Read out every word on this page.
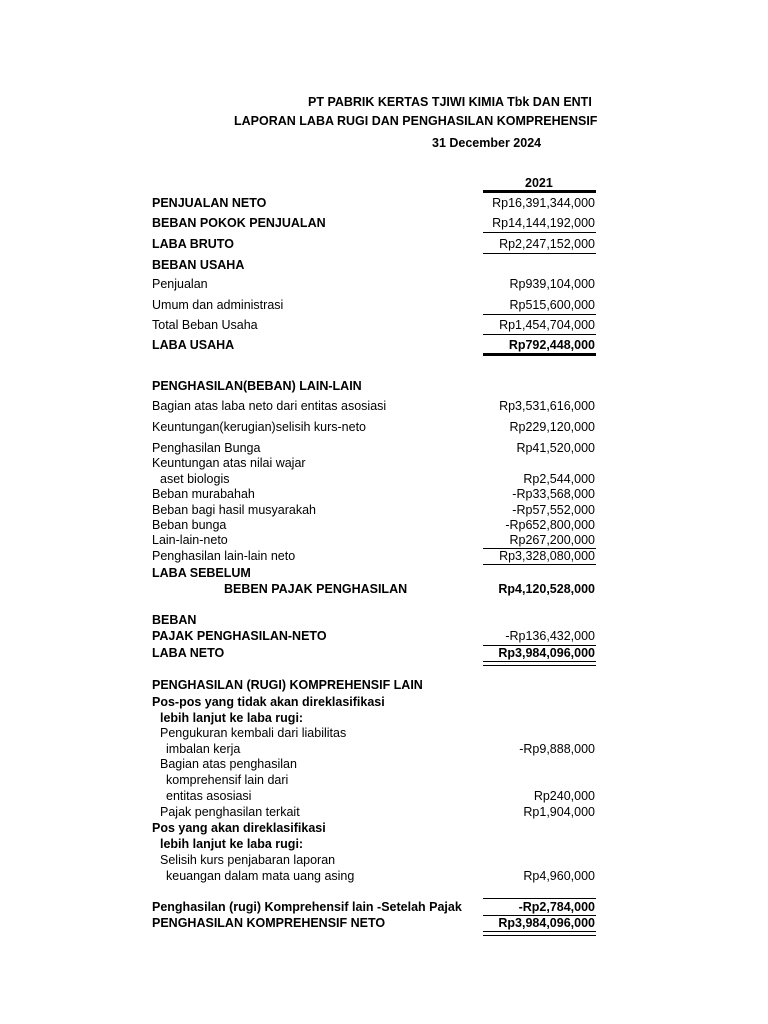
PT PABRIK KERTAS TJIWI KIMIA Tbk DAN ENTI
LAPORAN LABA RUGI DAN PENGHASILAN KOMPREHENSIF
31 December 2024
2021
PENJUALAN NETO	Rp16,391,344,000
BEBAN POKOK PENJUALAN	Rp14,144,192,000
LABA BRUTO	Rp2,247,152,000
BEBAN USAHA
Penjualan	Rp939,104,000
Umum dan administrasi	Rp515,600,000
Total Beban Usaha	Rp1,454,704,000
LABA USAHA	Rp792,448,000
PENGHASILAN(BEBAN) LAIN-LAIN
Bagian atas laba neto dari entitas asosiasi	Rp3,531,616,000
Keuntungan(kerugian)selisih kurs-neto	Rp229,120,000
Penghasilan Bunga	Rp41,520,000
Keuntungan atas nilai wajar
aset biologis	Rp2,544,000
Beban murabahah	-Rp33,568,000
Beban bagi hasil musyarakah	-Rp57,552,000
Beban bunga	-Rp652,800,000
Lain-lain-neto	Rp267,200,000
Penghasilan lain-lain neto	Rp3,328,080,000
LABA SEBELUM
BEBEN PAJAK PENGHASILAN	Rp4,120,528,000
BEBAN
PAJAK PENGHASILAN-NETO	-Rp136,432,000
LABA NETO	Rp3,984,096,000
PENGHASILAN (RUGI) KOMPREHENSIF LAIN
Pos-pos yang tidak akan direklasifikasi
lebih lanjut ke laba rugi:
Pengukuran kembali dari liabilitas
imbalan kerja	-Rp9,888,000
Bagian atas penghasilan
komprehensif lain dari
entitas asosiasi	Rp240,000
Pajak penghasilan terkait	Rp1,904,000
Pos yang akan direklasifikasi
lebih lanjut ke laba rugi:
Selisih kurs penjabaran laporan
keuangan dalam mata uang asing	Rp4,960,000
Penghasilan (rugi) Komprehensif lain -Setelah Pajak	-Rp2,784,000
PENGHASILAN KOMPREHENSIF NETO	Rp3,984,096,000
